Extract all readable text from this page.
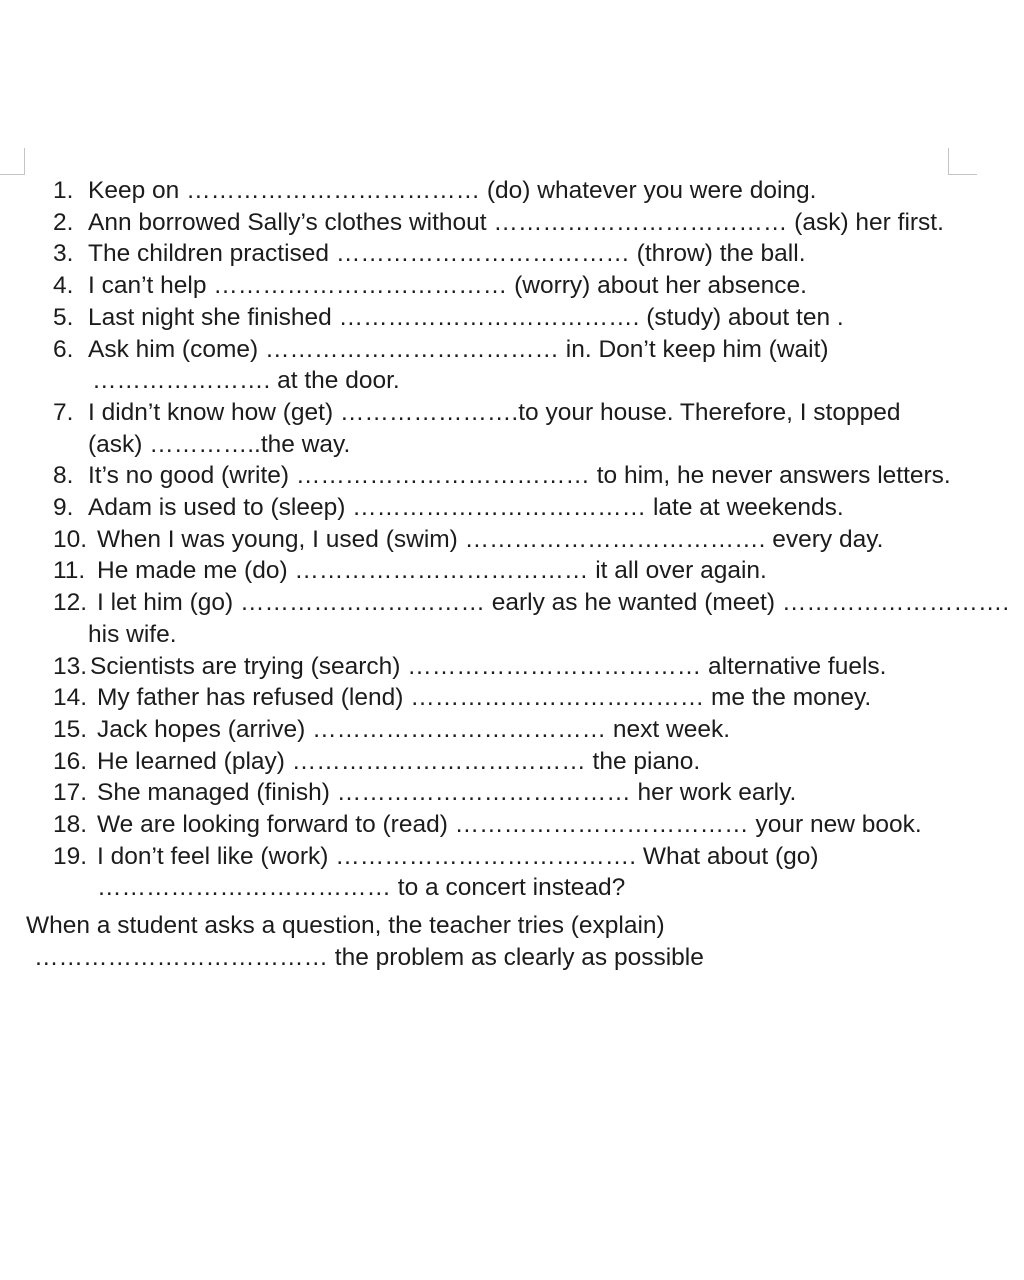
1. Keep on ……………………………… (do) whatever you were doing.
2. Ann borrowed Sally’s clothes without ……………………………… (ask) her first.
3. The children practised ……………………………… (throw) the ball.
4. I can’t help ……………………………… (worry) about her absence.
5. Last night she finished ………………………………. (study) about ten .
6. Ask him (come) ……………………………… in. Don’t keep him (wait)
…………………. at the door.
7. I didn’t know how (get) ………………….to your house. Therefore, I stopped
(ask) …………..the way.
8. It’s no good (write) ……………………………… to him, he never answers letters.
9. Adam is used to (sleep) ……………………………… late at weekends.
10. When I was young, I used (swim) ………………………………. every day.
11. He made me (do) ……………………………… it all over again.
12. I let him (go) ………………………… early as he wanted (meet) ……………………….
his wife.
13. Scientists are trying (search) ……………………………… alternative fuels.
14. My father has refused (lend) ……………………………… me the money.
15. Jack hopes (arrive) ……………………………… next week.
16. He learned (play) ……………………………… the piano.
17. She managed (finish) ……………………………… her work early.
18. We are looking forward to (read) ……………………………… your new book.
19. I don’t feel like (work) ………………………………. What about (go)
……………………………… to a concert instead?

When a student asks a question, the teacher tries (explain)
……………………………… the problem as clearly as possible
